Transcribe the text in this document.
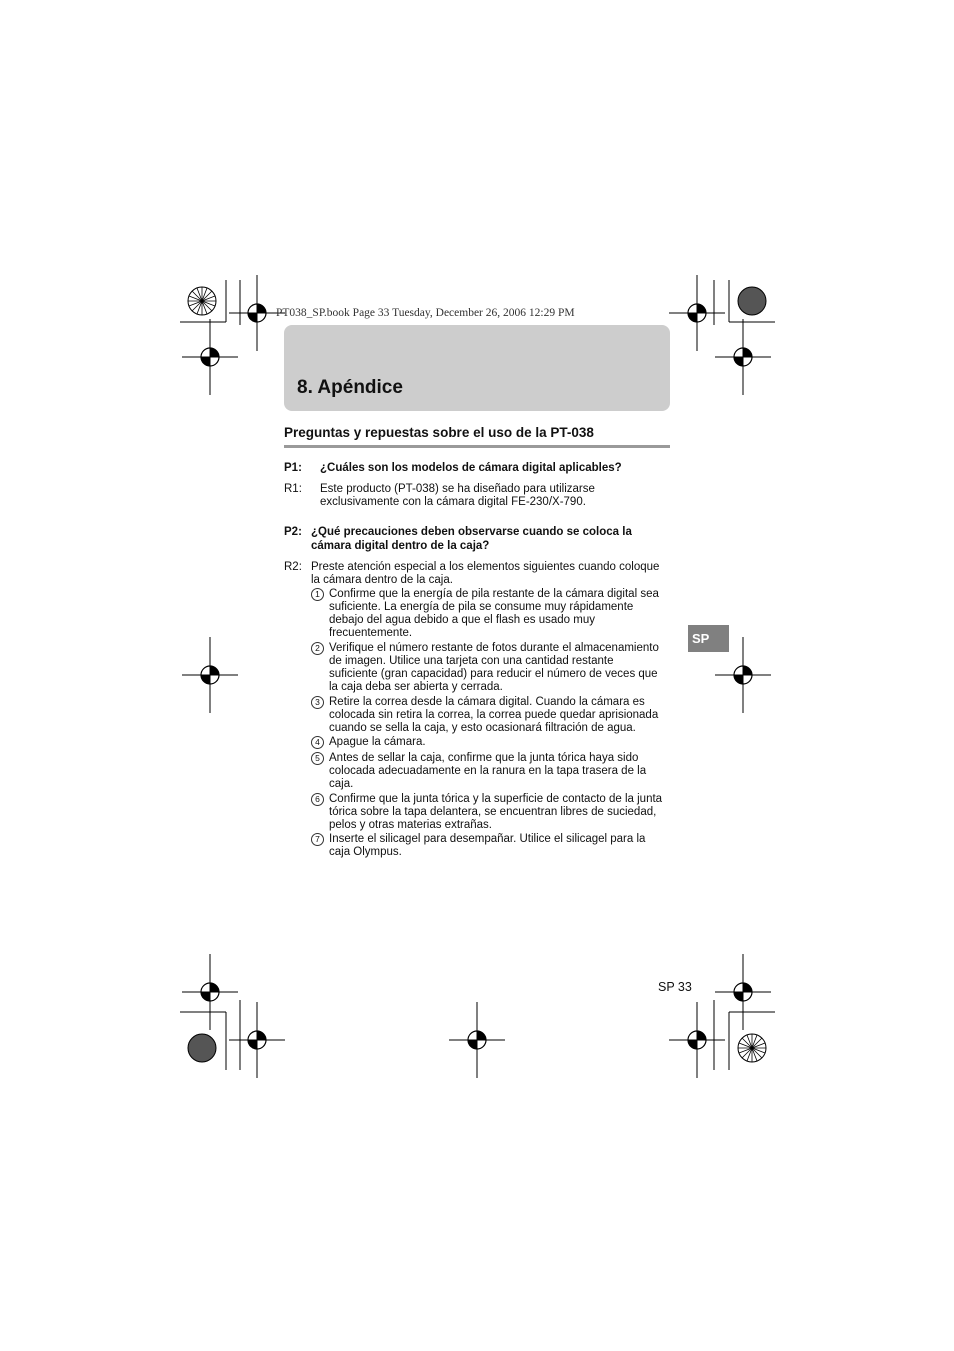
PT038_SP.book Page 33 Tuesday, December 26, 2006 12:29 PM
8. Apéndice
Preguntas y repuestas sobre el uso de la PT-038
P1: ¿Cuáles son los modelos de cámara digital aplicables?
R1: Este producto (PT-038) se ha diseñado para utilizarse
exclusivamente con la cámara digital FE-230/X-790.
P2: ¿Qué precauciones deben observarse cuando se coloca la
cámara digital dentro de la caja?
R2: Preste atención especial a los elementos siguientes cuando coloque
la cámara dentro de la caja.
1 Confirme que la energía de pila restante de la cámara digital sea
suficiente. La energía de pila se consume muy rápidamente
debajo del agua debido a que el flash es usado muy
frecuentemente.
2 Verifique el número restante de fotos durante el almacenamiento
de imagen. Utilice una tarjeta con una cantidad restante
suficiente (gran capacidad) para reducir el número de veces que
la caja deba ser abierta y cerrada.
3 Retire la correa desde la cámara digital. Cuando la cámara es
colocada sin retira la correa, la correa puede quedar aprisionada
cuando se sella la caja, y esto ocasionará filtración de agua.
4 Apague la cámara.
5 Antes de sellar la caja, confirme que la junta tórica haya sido
colocada adecuadamente en la ranura en la tapa trasera de la
caja.
6 Confirme que la junta tórica y la superficie de contacto de la junta
tórica sobre la tapa delantera, se encuentran libres de suciedad,
pelos y otras materias extrañas.
7 Inserte el silicagel para desempañar. Utilice el silicagel para la
caja Olympus.
SP
SP 33
